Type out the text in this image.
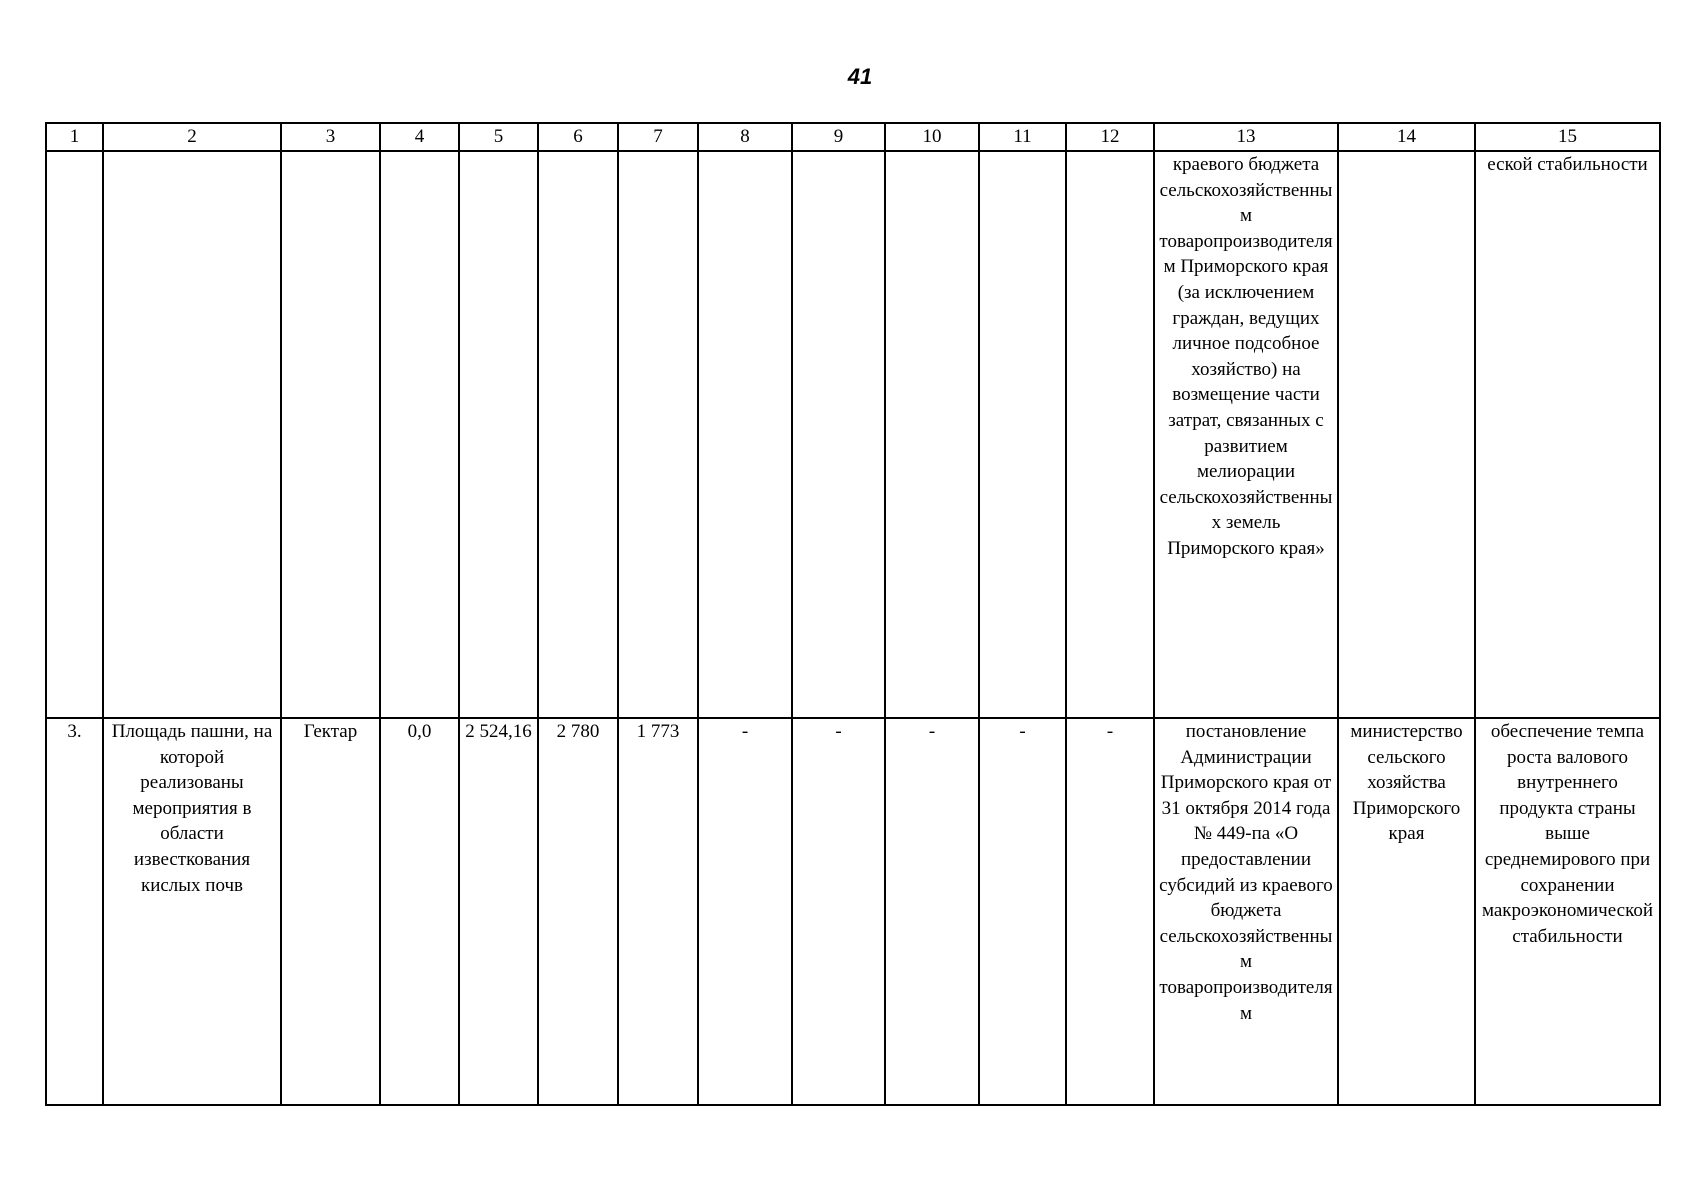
41
1	2	3	4	5	6	7	8	9	10	11	12	13	14	15
												краевого бюджета сельскохозяйственным товаропроизводителям Приморского края (за исключением граждан, ведущих личное подсобное хозяйство) на возмещение части затрат, связанных с развитием мелиорации сельскохозяйственных земель Приморского края»		еской стабильности
3.	Площадь пашни, на которой реализованы мероприятия в области известкования кислых почв	Гектар	0,0	2 524,16	2 780	1 773	-	-	-	-	-	постановление Администрации Приморского края от 31 октября 2014 года № 449-па «О предоставлении субсидий из краевого бюджета сельскохозяйственным товаропроизводителям	министерство сельского хозяйства Приморского края	обеспечение темпа роста валового внутреннего продукта страны выше среднемирового при сохранении макроэкономической стабильности
